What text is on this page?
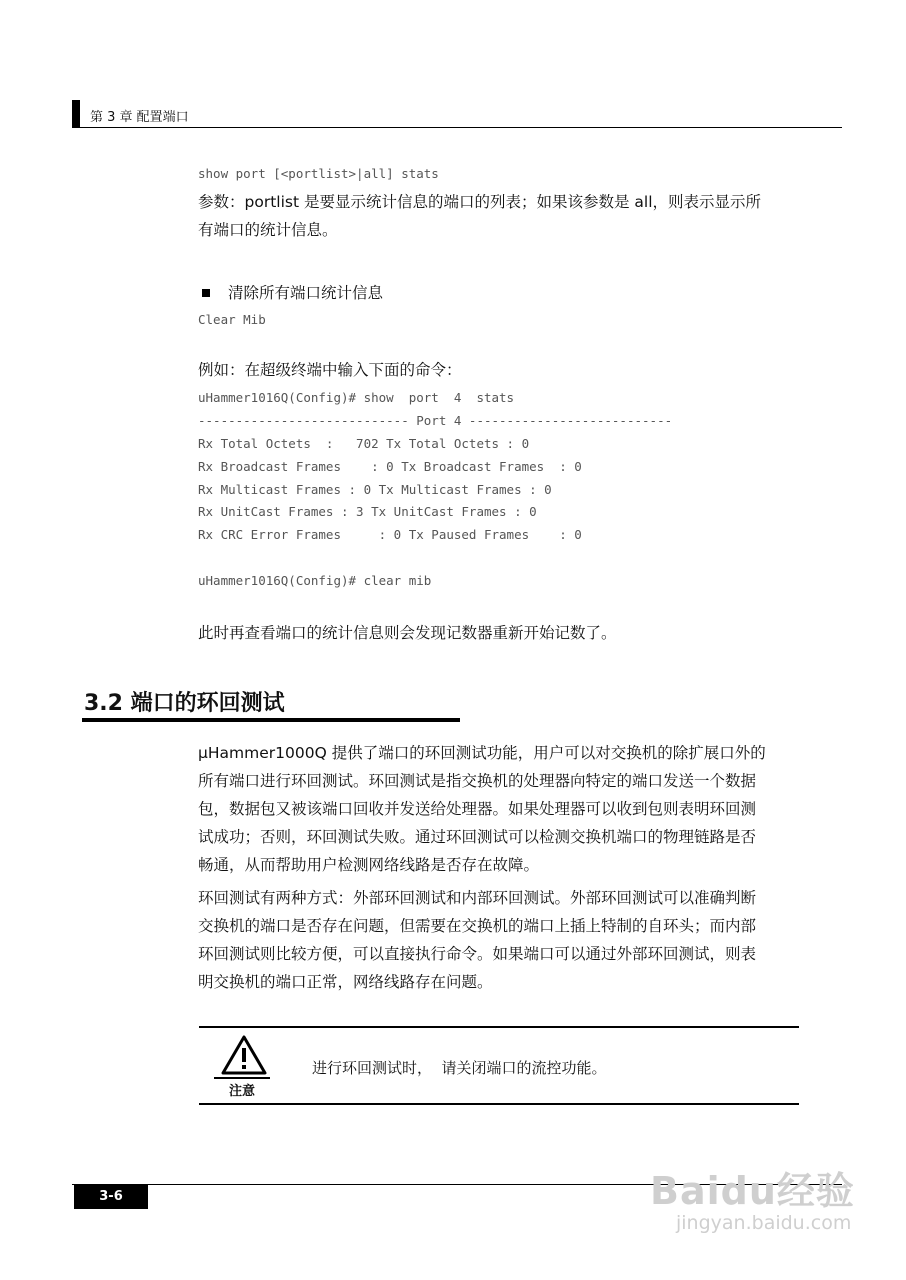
第 3 章 配置端口
show port [<portlist>|all] stats
参数：portlist 是要显示统计信息的端口的列表；如果该参数是 all，则表示显示所
有端口的统计信息。
清除所有端口统计信息
Clear Mib
例如：在超级终端中输入下面的命令：
uHammer1016Q(Config)# show  port  4  stats
---------------------------- Port 4 ---------------------------
Rx Total Octets  :   702 Tx Total Octets : 0
Rx Broadcast Frames    : 0 Tx Broadcast Frames  : 0
Rx Multicast Frames : 0 Tx Multicast Frames : 0
Rx UnitCast Frames : 3 Tx UnitCast Frames : 0
Rx CRC Error Frames     : 0 Tx Paused Frames    : 0
uHammer1016Q(Config)# clear mib
此时再查看端口的统计信息则会发现记数器重新开始记数了。
3.2 端口的环回测试
μHammer1000Q 提供了端口的环回测试功能，用户可以对交换机的除扩展口外的
所有端口进行环回测试。环回测试是指交换机的处理器向特定的端口发送一个数据
包，数据包又被该端口回收并发送给处理器。如果处理器可以收到包则表明环回测
试成功；否则，环回测试失败。通过环回测试可以检测交换机端口的物理链路是否
畅通，从而帮助用户检测网络线路是否存在故障。
环回测试有两种方式：外部环回测试和内部环回测试。外部环回测试可以准确判断
交换机的端口是否存在问题，但需要在交换机的端口上插上特制的自环头；而内部
环回测试则比较方便，可以直接执行命令。如果端口可以通过外部环回测试，则表
明交换机的端口正常，网络线路存在问题。
注意
进行环回测试时，  请关闭端口的流控功能。
3-6	Baidu经验
jingyan.baidu.com
